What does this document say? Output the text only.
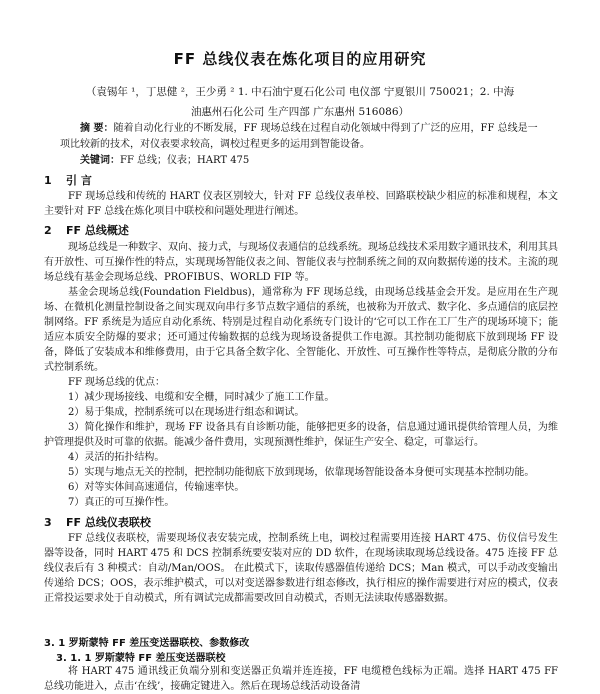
FF 总线仪表在炼化项目的应用研究
（袁锡年 ¹，丁思健 ²，王少勇 ² 1. 中石油宁夏石化公司 电仪部 宁夏银川 750021；2. 中海
油惠州石化公司 生产四部 广东惠州 516086）
摘 要：随着自动化行业的不断发展，FF 现场总线在过程自动化领域中得到了广泛的应用，FF 总线是一项比较新的技术，对仪表要求较高，调校过程更多的运用到智能设备。
关键词：FF 总线；仪表；HART 475
1 引 言

FF 现场总线和传统的 HART 仪表区别较大，针对 FF 总线仪表单校、回路联校缺少相应的标准和规程，本文主要针对 FF 总线在炼化项目中联校和问题处理进行阐述。

2 FF 总线概述

现场总线是一种数字、双向、接力式，与现场仪表通信的总线系统。现场总线技术采用数字通讯技术，利用其具有开放性、可互操作性的特点，实现现场智能仪表之间、智能仪表与控制系统之间的双向数据传递的技术。主流的现场总线有基金会现场总线、PROFIBUS、WORLD FIP 等。

基金会现场总线(Foundation Fieldbus)，通常称为 FF 现场总线，由现场总线基金会开发。是应用在生产现场、在微机化测量控制设备之间实现双向串行多节点数字通信的系统，也被称为开放式、数字化、多点通信的底层控制网络。FF 系统是为适应自动化系统、特别是过程自动化系统专门设计的‘它可以工作在工厂生产的现场环境下；能适应本质安全防爆的要求；还可通过传输数据的总线为现场设备提供工作电源。其控制功能彻底下放到现场 FF 设备，降低了安装成本和维修费用，由于它具备全数字化、全智能化、开放性、可互操作性等特点，是彻底分散的分布式控制系统。

FF 现场总线的优点：

1）减少现场接线、电缆和安全栅，同时减少了施工工作量。

2）易于集成，控制系统可以在现场进行组态和调试。

3）简化操作和维护，现场 FF 设备具有自诊断功能，能够把更多的设备，信息通过通讯提供给管理人员，为维护管理提供及时可靠的依据。能减少备件费用，实现预测性维护，保证生产安全、稳定，可靠运行。

4）灵活的拓扑结构。

5）实现与地点无关的控制，把控制功能彻底下放到现场，依靠现场智能设备本身便可实现基本控制功能。

6）对等实体间高速通信，传输速率快。

7）真正的可互操作性。

3 FF 总线仪表联校

FF 总线仪表联校，需要现场仪表安装完成，控制系统上电，调校过程需要用连接 HART 475、仿仪信号发生器等设备，同时 HART 475 和 DCS 控制系统要安装对应的 DD 软件，在现场读取现场总线设备。475 连接 FF 总线仪表后有 3 种模式：自动/Man/OOS。 在此模式下，读取传感器值传递给 DCS；Man 模式，可以手动改变输出传递给 DCS；OOS，表示维护模式，可以对变送器参数进行组态修改，执行相应的操作需要进行对应的模式，仪表正常投运要求处于自动模式，所有调试完成都需要改回自动模式，否则无法读取传感器数据。

3. 1 罗斯蒙特 FF 差压变送器联校、参数修改
3. 1. 1 罗斯蒙特 FF 差压变送器联校

将 HART 475 通讯线正负端分别和变送器正负端并连连接，FF 电缆橙色线标为正端。选择 HART 475 FF 总线功能进入，点击‘在线’，接确定键进入。然后在现场总线活动设备清
